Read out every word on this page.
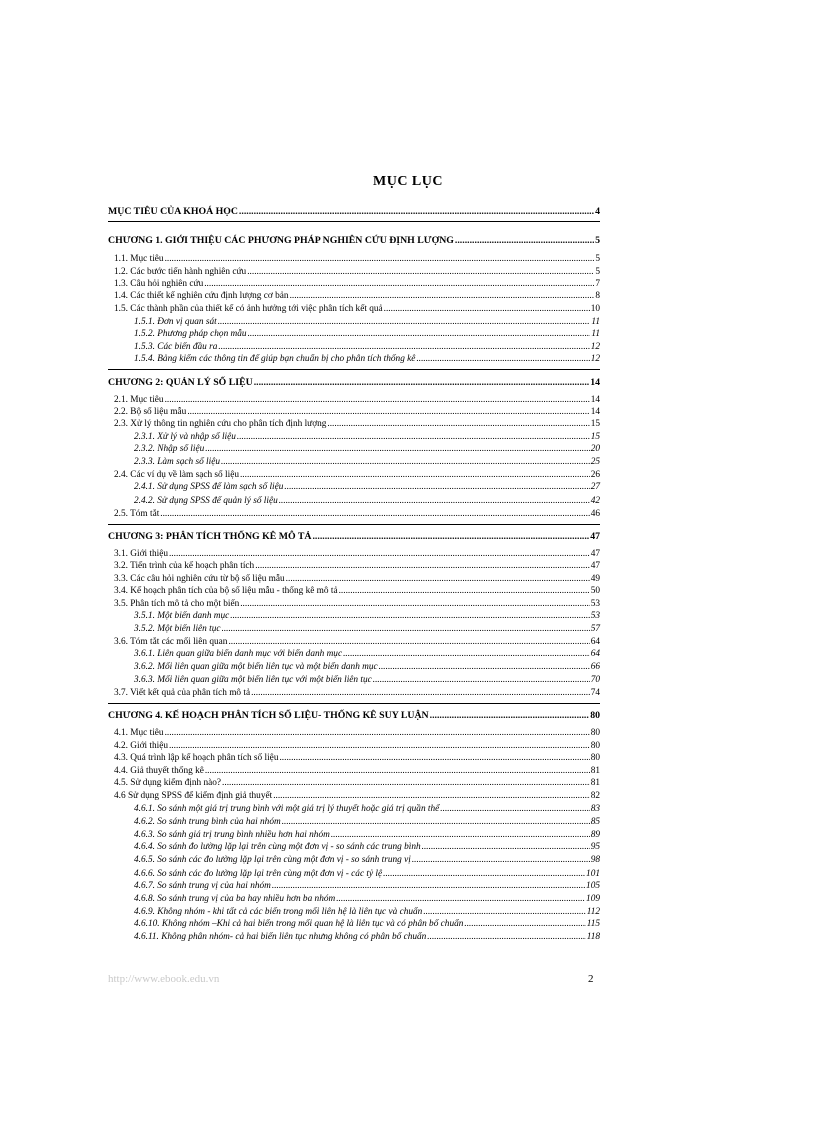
MỤC LỤC
MỤC TIÊU CỦA KHOÁ HỌC .....	4
CHƯƠNG 1. GIỚI THIỆU CÁC PHƯƠNG PHÁP NGHIÊN CỨU ĐỊNH LƯỢNG .....	5
1.1. Mục tiêu .....	5
1.2. Các bước tiến hành nghiên cứu .....	5
1.3. Câu hỏi nghiên cứu .....	7
1.4. Các thiết kế nghiên cứu định lượng cơ bản .....	8
1.5. Các thành phần của thiết kế có ảnh hưởng tới việc phân tích kết quả .....	10
1.5.1. Đơn vị quan sát .....	11
1.5.2. Phương pháp chọn mẫu .....	11
1.5.3. Các biến đầu ra .....	12
1.5.4. Bảng kiểm các thông tin để giúp bạn chuẩn bị cho phân tích thống kê .....	12
CHƯƠNG 2: QUẢN LÝ SỐ LIỆU .....	14
2.1. Mục tiêu .....	14
2.2. Bộ số liệu mẫu .....	14
2.3. Xử lý thông tin nghiên cứu cho phân tích định lượng .....	15
2.3.1. Xử lý và nhập số liệu .....	15
2.3.2. Nhập số liệu .....	20
2.3.3. Làm sạch số liệu .....	25
2.4. Các ví dụ về làm sạch số liệu .....	26
2.4.1. Sử dụng SPSS để làm sạch số liệu .....	27
2.4.2. Sử dụng SPSS để quản lý số liệu .....	42
2.5. Tóm tắt .....	46
CHƯƠNG 3: PHÂN TÍCH THỐNG KÊ MÔ TẢ .....	47
3.1. Giới thiệu .....	47
3.2. Tiến trình của kế hoạch phân tích .....	47
3.3. Các câu hỏi nghiên cứu từ bộ số liệu mẫu .....	49
3.4. Kế hoạch phân tích của bộ số liệu mẫu - thống kê mô tả .....	50
3.5. Phân tích mô tả cho một biến .....	53
3.5.1. Một biến danh mục .....	53
3.5.2. Một biến liên tục .....	57
3.6. Tóm tắt các mối liên quan .....	64
3.6.1. Liên quan giữa biến danh mục với biến danh mục .....	64
3.6.2. Mối liên quan giữa một biến liên tục và một biến danh mục .....	66
3.6.3. Mối liên quan giữa một biến liên tục với một biến liên tục .....	70
3.7. Viết kết quả của phân tích mô tả .....	74
CHƯƠNG 4. KẾ HOẠCH PHÂN TÍCH SỐ LIỆU- THỐNG KÊ SUY LUẬN .....	80
4.1. Mục tiêu .....	80
4.2. Giới thiệu .....	80
4.3. Quá trình lập kế hoạch phân tích số liệu .....	80
4.4. Giả thuyết thống kê .....	81
4.5. Sử dụng kiểm định nào? .....	81
4.6 Sử dụng SPSS để kiểm định giả thuyết .....	82
4.6.1. So sánh một giá trị trung bình với một giá trị lý thuyết hoặc giá trị quần thể .....	83
4.6.2. So sánh trung bình của hai nhóm .....	85
4.6.3. So sánh giá trị trung bình nhiều hơn hai nhóm .....	89
4.6.4. So sánh đo lường lặp lại trên cùng một đơn vị - so sánh các trung bình .....	95
4.6.5. So sánh các đo lường lặp lại trên cùng một đơn vị - so sánh trung vị .....	98
4.6.6. So sánh các đo lường lặp lại trên cùng một đơn vị - các tỷ lệ .....	101
4.6.7. So sánh trung vị của hai nhóm .....	105
4.6.8. So sánh trung vị của ba hay nhiều hơn ba nhóm .....	109
4.6.9. Không nhóm - khi tất cả các biến trong mối liên hệ là liên tục và chuẩn .....	112
4.6.10. Không nhóm –Khi cả hai biến trong mối quan hệ là liên tục và có phân bố chuẩn .....	115
4.6.11. Không phân nhóm- cả hai biến liên tục nhưng không có phân bố chuẩn .....	118
http://www.ebook.edu.vn	2
